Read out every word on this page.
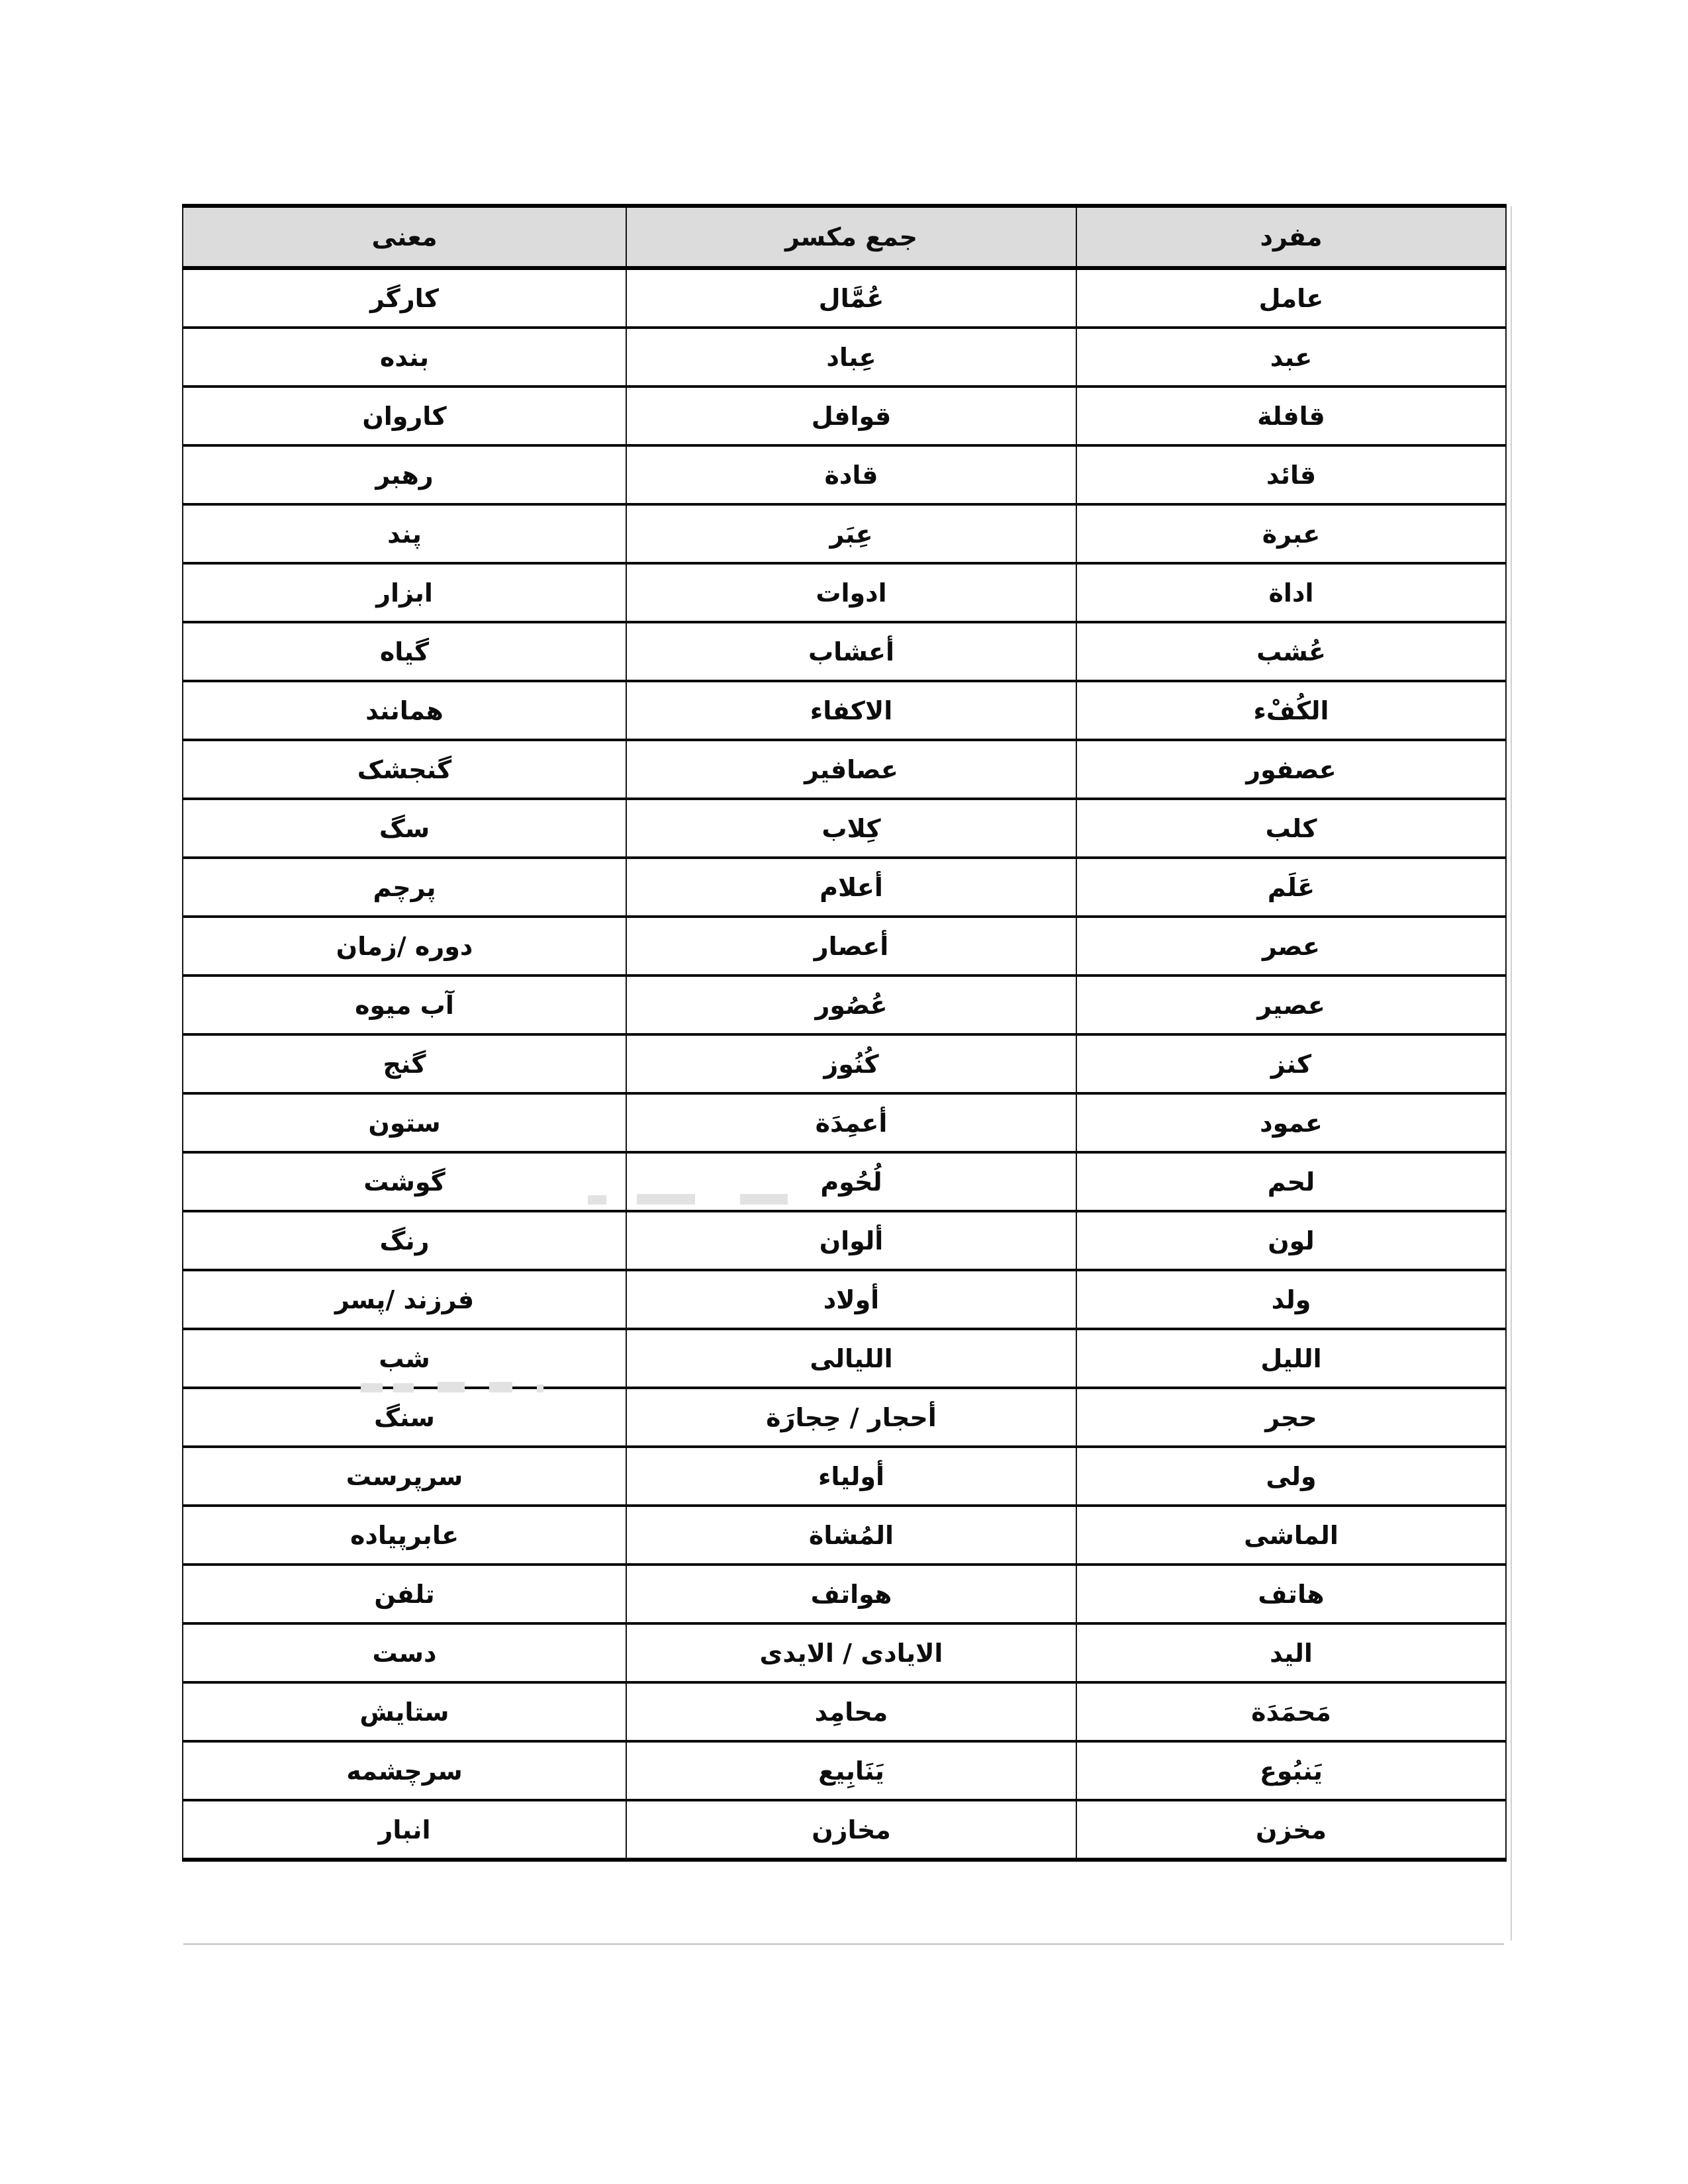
معنى	جمع مكسر	مفرد
كارگر	عُمَّال	عامل
بنده	عِباد	عبد
كاروان	قوافل	قافلة
رهبر	قادة	قائد
پند	عِبَر	عبرة
ابزار	ادوات	اداة
گياه	أعشاب	عُشب
همانند	الاكفاء	الكُفْء
گنجشک	عصافير	عصفور
سگ	كِلاب	كلب
پرچم	أعلام	عَلَم
دوره /زمان	أعصار	عصر
آب ميوه	عُصُور	عصير
گنج	كُنُوز	كنز
ستون	أعمِدَة	عمود
گوشت	لُحُوم	لحم
رنگ	ألوان	لون
فرزند /پسر	أولاد	ولد
شب	الليالى	الليل
سنگ	أحجار / حِجارَة	حجر
سرپرست	أولياء	ولى
عابرپياده	المُشاة	الماشى
تلفن	هواتف	هاتف
دست	الايادى / الايدى	اليد
ستايش	محامِد	مَحمَدَة
سرچشمه	يَنَابِيع	يَنبُوع
انبار	مخازن	مخزن
